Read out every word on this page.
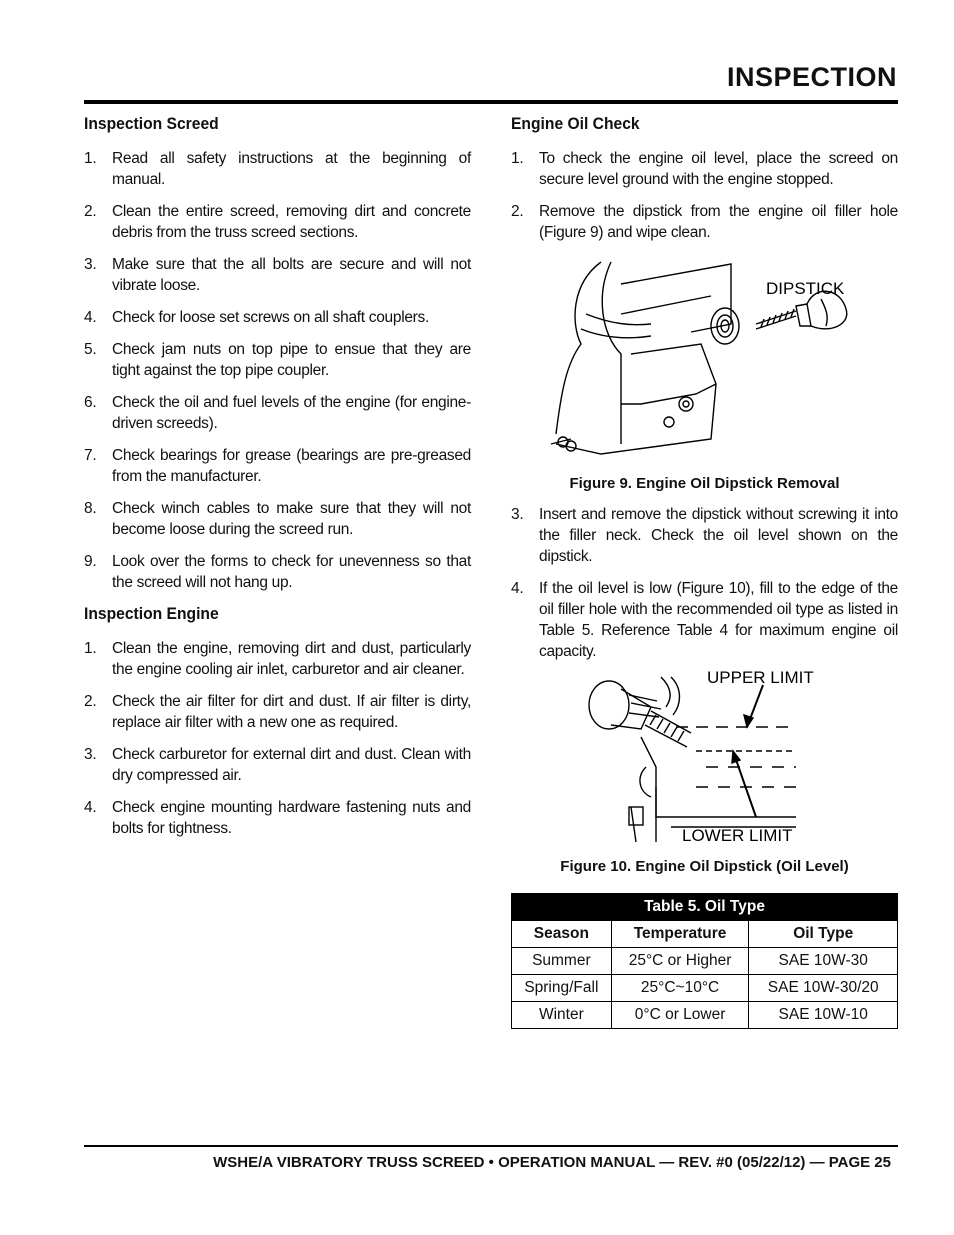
INSPECTION
Inspection Screed
1. Read all safety instructions at the beginning of manual.
2. Clean the entire screed, removing dirt and concrete debris from the truss screed sections.
3. Make sure that the all bolts are secure and will not vibrate loose.
4. Check for loose set screws on all shaft couplers.
5. Check jam nuts on top pipe to ensue that they are tight against the top pipe coupler.
6. Check the oil and fuel levels of the engine (for engine-driven screeds).
7. Check bearings for grease (bearings are pre-greased from the manufacturer.
8. Check winch cables to make sure that they will not become loose during the screed run.
9. Look over the forms to check for unevenness so that the screed will not hang up.
Inspection Engine
1. Clean the engine, removing dirt and dust, particularly the engine cooling air inlet, carburetor and air cleaner.
2. Check the air filter for dirt and dust. If air filter is dirty, replace air filter with a new one as required.
3. Check carburetor for external dirt and dust. Clean with dry compressed air.
4. Check engine mounting hardware fastening nuts and bolts for tightness.
Engine Oil Check
1. To check the engine oil level, place the screed on secure level ground with the engine stopped.
2. Remove the dipstick from the engine oil filler hole (Figure 9) and wipe clean.
DIPSTICK
Figure 9. Engine Oil Dipstick Removal
3. Insert and remove the dipstick without screwing it into the filler neck. Check the oil level shown on the dipstick.
4. If the oil level is low (Figure 10), fill to the edge of the oil filler hole with the recommended oil type as listed in Table 5. Reference Table 4 for maximum engine oil capacity.
UPPER LIMIT
LOWER LIMIT
Figure 10. Engine Oil Dipstick (Oil Level)
Table 5. Oil Type		
Season	Temperature	Oil Type
Summer	25°C or Higher	SAE 10W-30
Spring/Fall	25°C~10°C	SAE 10W-30/20
Winter	0°C or Lower	SAE 10W-10
WSHE/A VIBRATORY TRUSS SCREED • OPERATION MANUAL — REV. #0 (05/22/12) — PAGE 25
